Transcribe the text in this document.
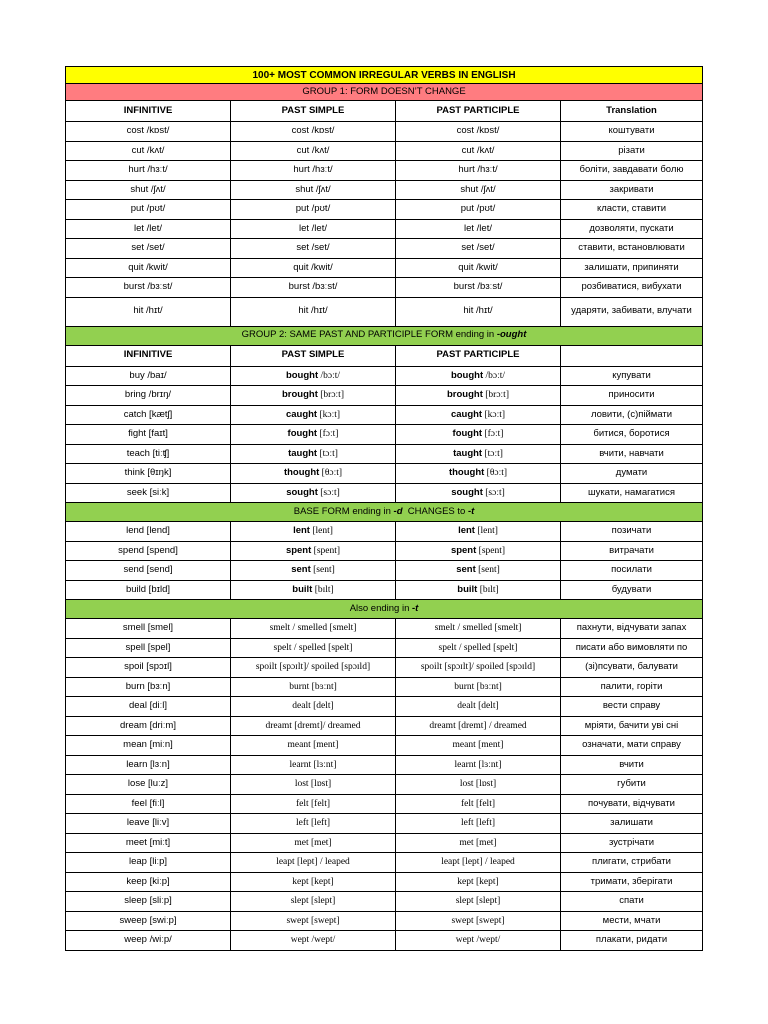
100+ MOST COMMON IRREGULAR VERBS IN ENGLISH			
GROUP 1: FORM DOESN’T CHANGE			
INFINITIVE	PAST SIMPLE	PAST PARTICIPLE	Translation
cost /kɒst/	cost /kɒst/	cost /kɒst/	коштувати
cut /kʌt/	cut /kʌt/	cut /kʌt/	різати
hurt /hɜːt/	hurt /hɜːt/	hurt /hɜːt/	боліти, завдавати болю
shut /ʃʌt/	shut /ʃʌt/	shut /ʃʌt/	закривати
put /pʊt/	put /pʊt/	put /pʊt/	класти, ставити
let /let/	let /let/	let /let/	дозволяти, пускати
set /set/	set /set/	set /set/	ставити, встановлювати
quit /kwit/	quit /kwit/	quit /kwit/	залишати, припиняти
burst /bɜːst/	burst /bɜːst/	burst /bɜːst/	розбиватися, вибухати
hit /hɪt/	hit /hɪt/	hit /hɪt/	ударяти, забивати, влучати
GROUP 2: SAME PAST AND PARTICIPLE FORM ending in -ought			
INFINITIVE	PAST SIMPLE	PAST PARTICIPLE	
buy /baɪ/	bought /bɔːt/	bought /bɔːt/	купувати
bring /brɪŋ/	brought [brɔːt]	brought [brɔːt]	приносити
catch [kætʃ]	caught [kɔːt]	caught [kɔːt]	ловити, (с)піймати
fight [faɪt]	fought [fɔːt]	fought [fɔːt]	битися, боротися
teach [tiːʧ]	taught [tɔːt]	taught [tɔːt]	вчити, навчати
think [θɪŋk]	thought [θɔːt]	thought [θɔːt]	думати
seek [siːk]	sought [sɔːt]	sought [sɔːt]	шукати, намагатися
BASE FORM ending in -d  CHANGES to -t			
lend [lend]	lent [lent]	lent [lent]	позичати
spend [spend]	spent [spent]	spent [spent]	витрачати
send [send]	sent [sent]	sent [sent]	посилати
build [bɪld]	built [bɪlt]	built [bɪlt]	будувати
Also ending in -t			
smell [smel]	smelt / smelled [smelt]	smelt / smelled [smelt]	пахнути, відчувати запах
spell [spel]	spelt / spelled [spelt]	spelt / spelled [spelt]	писати або вимовляти по
spoil [spɔɪl]	spoilt [spɔɪlt]/ spoiled [spɔɪld]	spoilt [spɔɪlt]/ spoiled [spɔɪld]	(зі)псувати, балувати
burn [bɜːn]	burnt [bɜːnt]	burnt [bɜːnt]	палити, горіти
deal [diːl]	dealt [delt]	dealt [delt]	вести справу
dream [driːm]	dreamt [dremt]/ dreamed	dreamt [dremt] / dreamed	мріяти, бачити уві сні
mean [miːn]	meant [ment]	meant [ment]	означати, мати справу
learn [lɜːn]	learnt [lɜːnt]	learnt [lɜːnt]	вчити
lose [luːz]	lost [lɒst]	lost [lɒst]	губити
feel [fiːl]	felt [felt]	felt [felt]	почувати, відчувати
leave [liːv]	left [left]	left [left]	залишати
meet [miːt]	met [met]	met [met]	зустрічати
leap [liːp]	leapt [lept] / leaped	leapt [lept] / leaped	плигати, стрибати
keep [kiːp]	kept [kept]	kept [kept]	тримати, зберігати
sleep [sliːp]	slept [slept]	slept [slept]	спати
sweep [swiːp]	swept [swept]	swept [swept]	мести, мчати
weep /wiːp/	wept /wept/	wept /wept/	плакати, ридати
